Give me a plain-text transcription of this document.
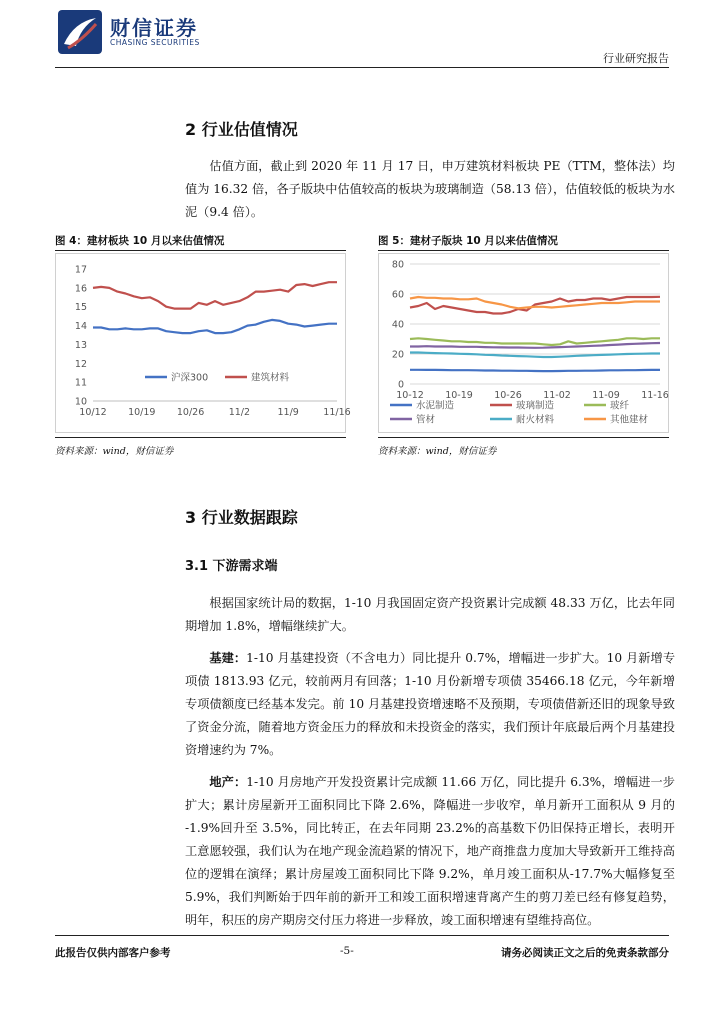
财信证券
CHASING SECURITIES
行业研究报告
2 行业估值情况

估值方面，截止到 2020 年 11 月 17 日，申万建筑材料板块 PE（TTM，整体法）均值为 16.32 倍，各子版块中估值较高的板块为玻璃制造（58.13 倍），估值较低的板块为水泥（9.4 倍）。

图 4：建材板块 10 月以来估值情况	图 5：建材子版块 10 月以来估值情况
10
11
12
13
14
15
16
17
10/12 10/19 10/26	11/2	11/9	11/16
沪深300	建筑材料
0
20
40
60
80
10-12 10-19 10-26 11-02 11-09 11-16
水泥制造	玻璃制造	玻纤
管材	耐火材料	其他建材
资料来源：wind，财信证券	资料来源：wind，财信证券
3 行业数据跟踪
3.1 下游需求端

根据国家统计局的数据，1-10 月我国固定资产投资累计完成额 48.33 万亿，比去年同期增加 1.8%，增幅继续扩大。

基建：1-10 月基建投资（不含电力）同比提升 0.7%，增幅进一步扩大。10 月新增专项债 1813.93 亿元，较前两月有回落；1-10 月份新增专项债 35466.18 亿元，今年新增专项债额度已经基本发完。前 10 月基建投资增速略不及预期，专项债借新还旧的现象导致了资金分流，随着地方资金压力的释放和未投资金的落实，我们预计年底最后两个月基建投资增速约为 7%。

地产：1-10 月房地产开发投资累计完成额 11.66 万亿，同比提升 6.3%，增幅进一步扩大；累计房屋新开工面积同比下降 2.6%，降幅进一步收窄，单月新开工面积从 9 月的 -1.9%回升至 3.5%，同比转正，在去年同期 23.2%的高基数下仍旧保持正增长，表明开工意愿较强，我们认为在地产现金流趋紧的情况下，地产商推盘力度加大导致新开工维持高位的逻辑在演绎；累计房屋竣工面积同比下降 9.2%，单月竣工面积从-17.7%大幅修复至 5.9%，我们判断始于四年前的新开工和竣工面积增速背离产生的剪刀差已经有修复趋势，明年，积压的房产期房交付压力将进一步释放，竣工面积增速有望维持高位。

此报告仅供内部客户参考	-5-	请务必阅读正文之后的免责条款部分
